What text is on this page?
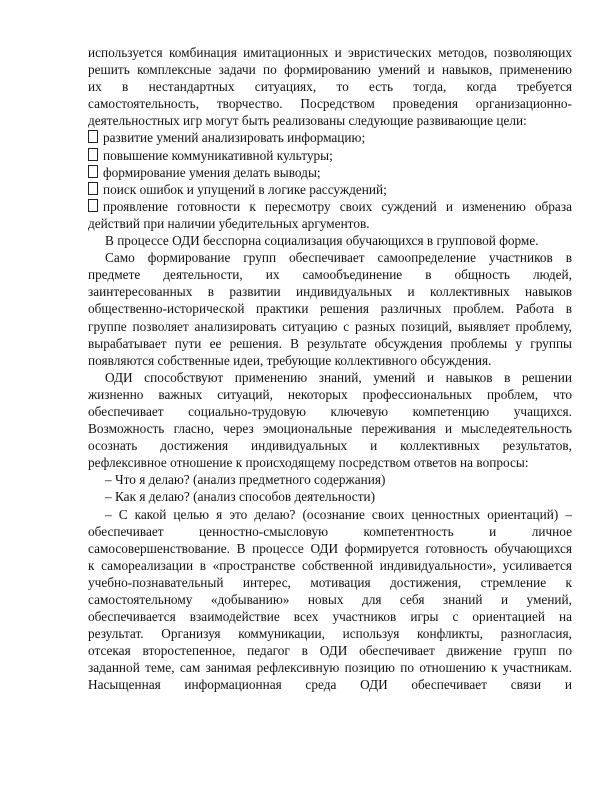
используется комбинация имитационных и эвристических методов, позволяющих

решить комплексные задачи по формированию умений и навыков, применению

их в нестандартных ситуациях, то есть тогда, когда требуется

самостоятельность, творчество. Посредством проведения организационно-

деятельностных игр могут быть реализованы следующие развивающие цели:

развитие умений анализировать информацию;

повышение коммуникативной культуры;

формирование умения делать выводы;

поиск ошибок и упущений в логике рассуждений;

проявление готовности к пересмотру своих суждений и изменению образа

действий при наличии убедительных аргументов.

В процессе ОДИ бесспорна социализация обучающихся в групповой форме.

Само формирование групп обеспечивает самоопределение участников в

предмете деятельности, их самообъединение в общность людей,

заинтересованных в развитии индивидуальных и коллективных навыков

общественно-исторической практики решения различных проблем. Работа в

группе позволяет анализировать ситуацию с разных позиций, выявляет проблему,

вырабатывает пути ее решения. В результате обсуждения проблемы у группы

появляются собственные идеи, требующие коллективного обсуждения.

ОДИ способствуют применению знаний, умений и навыков в решении

жизненно важных ситуаций, некоторых профессиональных проблем, что

обеспечивает социально-трудовую ключевую компетенцию учащихся.

Возможность гласно, через эмоциональные переживания и мыследеятельность

осознать достижения индивидуальных и коллективных результатов,

рефлексивное отношение к происходящему посредством ответов на вопросы:

– Что я делаю? (анализ предметного содержания)

– Как я делаю? (анализ способов деятельности)

– С какой целью я это делаю? (осознание своих ценностных ориентаций) –

обеспечивает ценностно-смысловую компетентность и личное

самосовершенствование. В процессе ОДИ формируется готовность обучающихся

к самореализации в «пространстве собственной индивидуальности», усиливается

учебно-познавательный интерес, мотивация достижения, стремление к

самостоятельному «добыванию» новых для себя знаний и умений,

обеспечивается взаимодействие всех участников игры с ориентацией на

результат. Организуя коммуникации, используя конфликты, разногласия,

отсекая второстепенное, педагог в ОДИ обеспечивает движение групп по

заданной теме, сам занимая рефлексивную позицию по отношению к участникам.

Насыщенная информационная среда ОДИ обеспечивает связи и
